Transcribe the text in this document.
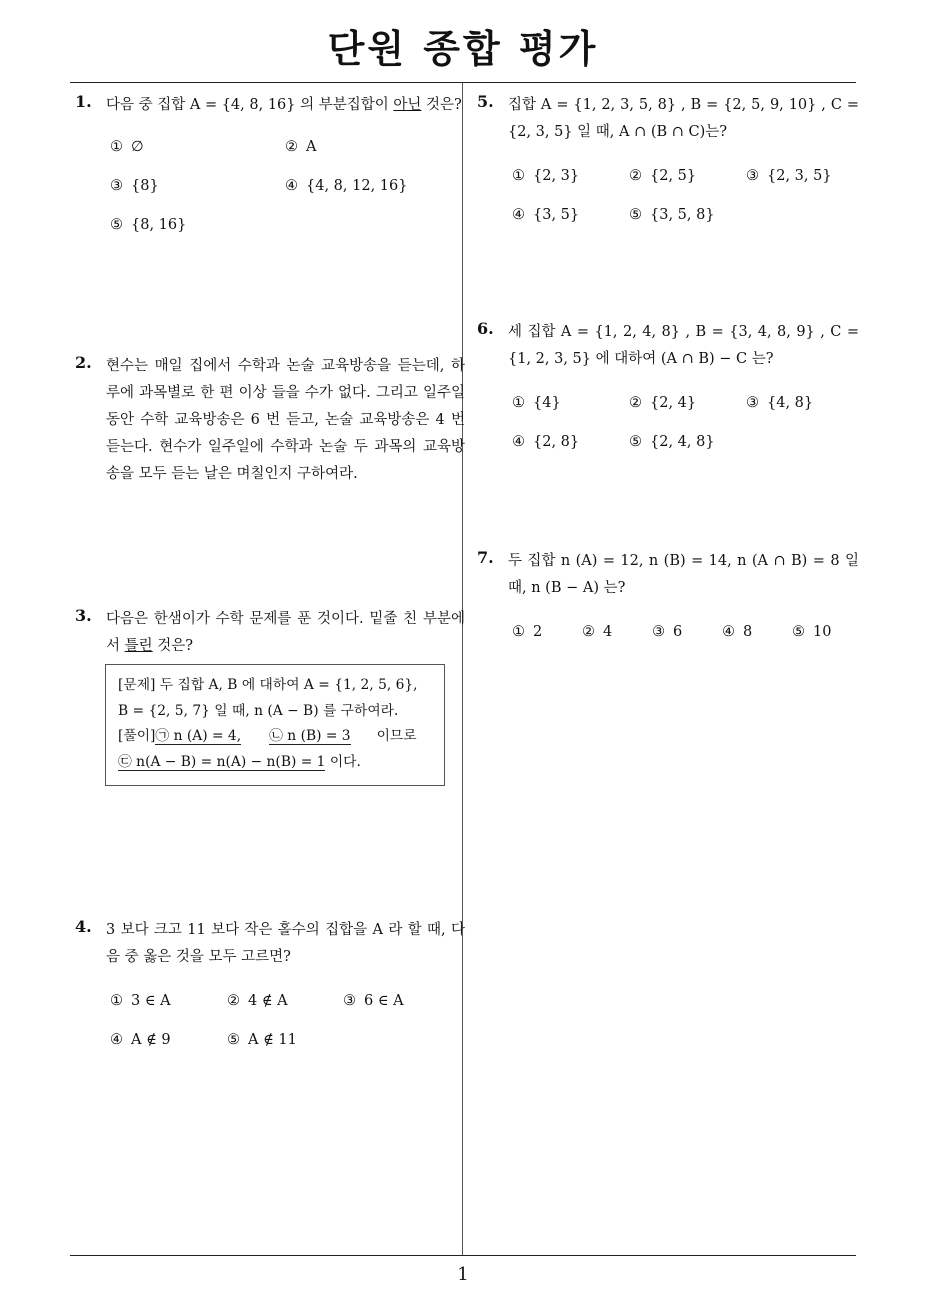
단원 종합 평가
1
1. 다음 중 집합 A = {4, 8, 16} 의 부분집합이 아닌 것은?
① ∅	② A
③ {8}	④ {4, 8, 12, 16}
⑤ {8, 16}
2. 현수는 매일 집에서 수학과 논술 교육방송을 듣는데, 하루에 과목별로 한 편 이상 들을 수가 없다. 그리고 일주일 동안 수학 교육방송은 6 번 듣고, 논술 교육방송은 4 번 듣는다. 현수가 일주일에 수학과 논술 두 과목의 교육방송을 모두 듣는 날은 며칠인지 구하여라.
3. 다음은 한샘이가 수학 문제를 푼 것이다. 밑줄 친 부분에서 틀린 것은?
[문제] 두 집합 A, B 에 대하여 A = {1, 2, 5, 6},
B = {2, 5, 7} 일 때, n (A − B) 를 구하여라.
[풀이]㉠ n (A) = 4, ㉡ n (B) = 3 이므로
㉢ n(A − B) = n(A) − n(B) = 1 이다.
4. 3 보다 크고 11 보다 작은 홀수의 집합을 A 라 할 때, 다음 중 옳은 것을 모두 고르면?
① 3 ∈ A	② 4 ∉ A	③ 6 ∈ A
④ A ∉ 9	⑤ A ∉ 11
5. 집합 A = {1, 2, 3, 5, 8} , B = {2, 5, 9, 10} , C = {2, 3, 5} 일 때, A ∩ (B ∩ C)는?
① {2, 3}	② {2, 5}	③ {2, 3, 5}
④ {3, 5}	⑤ {3, 5, 8}
6. 세 집합 A = {1, 2, 4, 8} , B = {3, 4, 8, 9} , C = {1, 2, 3, 5} 에 대하여 (A ∩ B) − C 는?
① {4}	② {2, 4}	③ {4, 8}
④ {2, 8}	⑤ {2, 4, 8}
7. 두 집합 n (A) = 12, n (B) = 14, n (A ∩ B) = 8 일 때, n (B − A) 는?
① 2	② 4	③ 6	④ 8	⑤ 10
